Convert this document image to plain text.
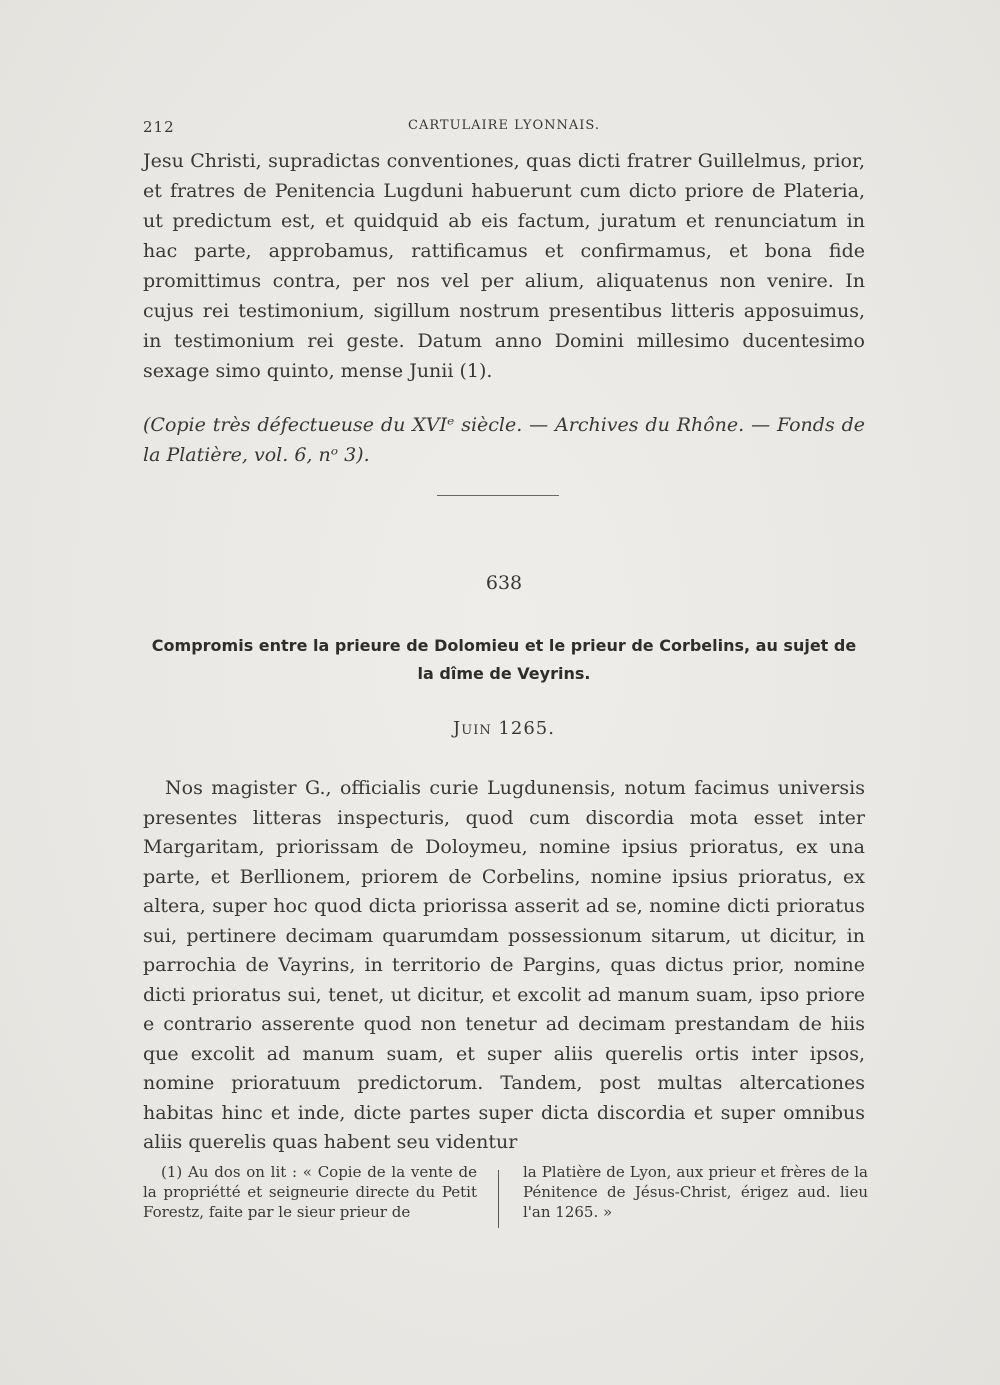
212	CARTULAIRE LYONNAIS.

Jesu Christi, supradictas conventiones, quas dicti fratrer Guillelmus, prior, et fratres de Penitencia Lugduni habuerunt cum dicto priore de Plateria, ut predictum est, et quidquid ab eis factum, juratum et renunciatum in hac parte, approbamus, rattificamus et confirmamus, et bona fide promittimus contra, per nos vel per alium, aliquatenus non venire. In cujus rei testimonium, sigillum nostrum presentibus litteris apposuimus, in testimonium rei geste. Datum anno Domini millesimo ducentesimo sexage simo quinto, mense Junii (1).

(Copie très défectueuse du XVIᵉ siècle. — Archives du Rhône. — Fonds de la Platière, vol. 6, nᵒ 3).

638
Compromis entre la prieure de Dolomieu et le prieur de Corbelins, au sujet de la dîme de Veyrins.
Juin 1265.

Nos magister G., officialis curie Lugdunensis, notum facimus universis presentes litteras inspecturis, quod cum discordia mota esset inter Margaritam, priorissam de Doloymeu, nomine ipsius prioratus, ex una parte, et Berllionem, priorem de Corbelins, nomine ipsius prioratus, ex altera, super hoc quod dicta priorissa asserit ad se, nomine dicti prioratus sui, pertinere decimam quarumdam possessionum sitarum, ut dicitur, in parrochia de Vayrins, in territorio de Pargins, quas dictus prior, nomine dicti prioratus sui, tenet, ut dicitur, et excolit ad manum suam, ipso priore e contrario asserente quod non tenetur ad decimam prestandam de hiis que excolit ad manum suam, et super aliis querelis ortis inter ipsos, nomine prioratuum predictorum. Tandem, post multas altercationes habitas hinc et inde, dicte partes super dicta discordia et super omnibus aliis querelis quas habent seu videntur

(1) Au dos on lit : « Copie de la vente de la propriétté et seigneurie directe du Petit Forestz, faite par le sieur prieur de
la Platière de Lyon, aux prieur et frères de la Pénitence de Jésus-Christ, érigez aud. lieu l'an 1265. »
